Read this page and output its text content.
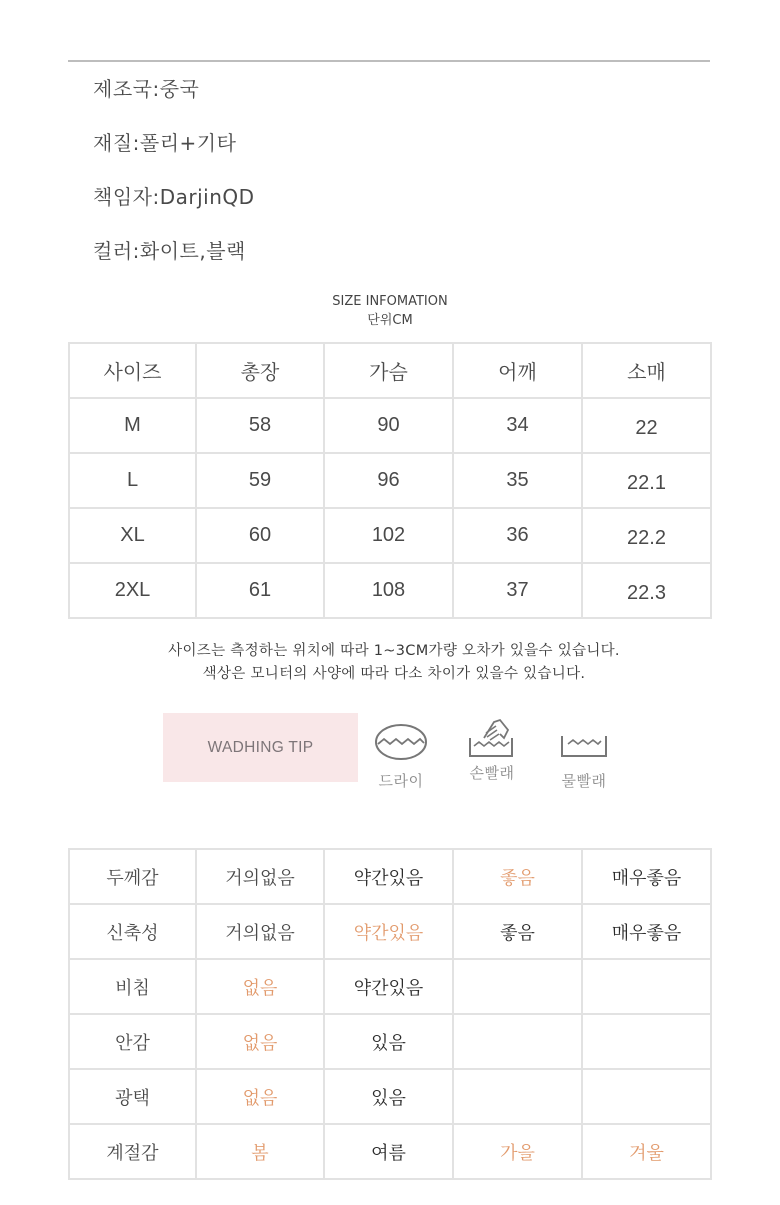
제조국:중국
재질:폴리+기타
책임자:DarjinQD
컬러:화이트,블랙
SIZE INFOMATION
단위CM
사이즈	총장	가슴	어깨	소매
M	58	90	34	22
L	59	96	35	22.1
XL	60	102	36	22.2
2XL	61	108	37	22.3
사이즈는 측정하는 위치에 따라 1~3CM가량 오차가 있을수 있습니다.
색상은 모니터의 사양에 따라 다소 차이가 있을수 있습니다.
WADHING TIP
드라이	손빨래	물빨래
두께감	거의없음	약간있음	좋음	매우좋음
신축성	거의없음	약간있음	좋음	매우좋음
비침	없음	약간있음		
안감	없음	있음		
광택	없음	있음		
계절감	봄	여름	가을	겨울
